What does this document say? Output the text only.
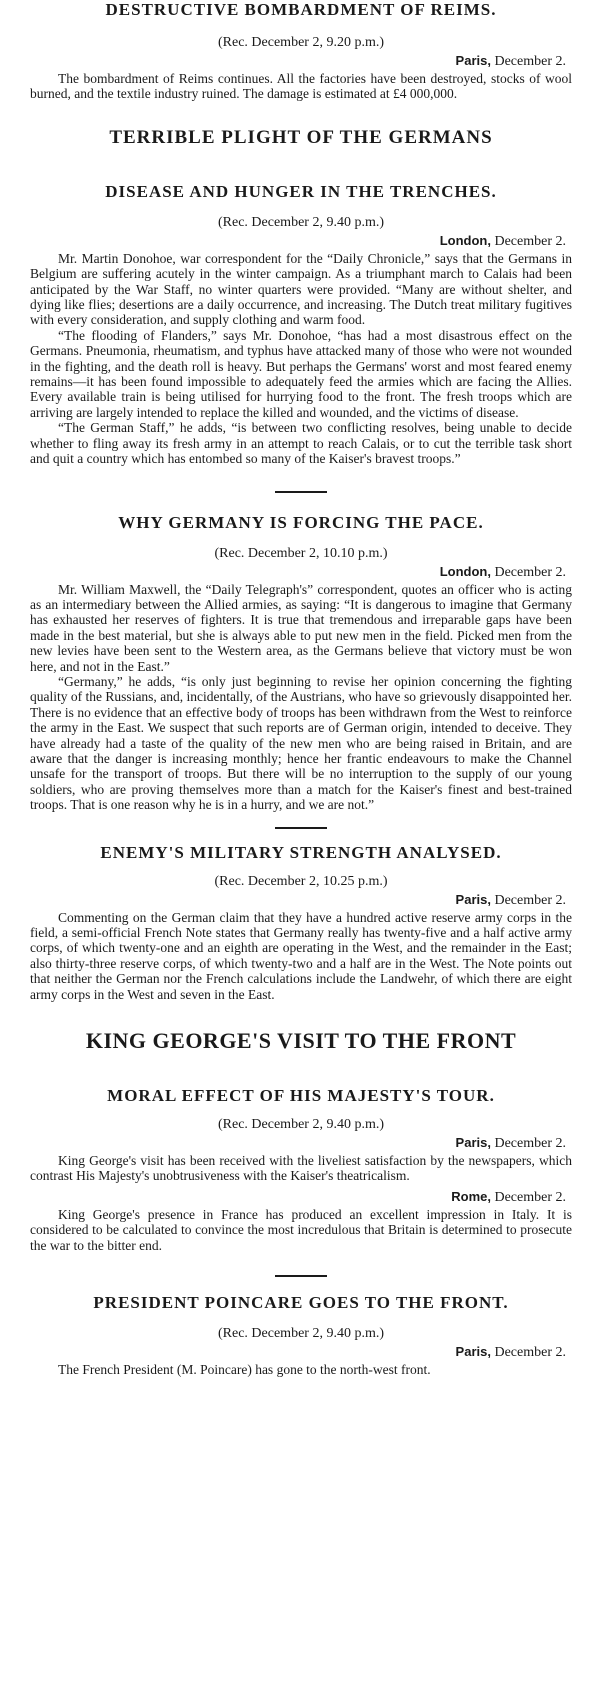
DESTRUCTIVE BOMBARDMENT OF REIMS.

(Rec. December 2, 9.20 p.m.)

Paris, December 2.

The bombardment of Reims continues. All the factories have been destroyed, stocks of wool burned, and the textile industry ruined. The damage is estimated at £4 000,000.

TERRIBLE PLIGHT OF THE GERMANS
DISEASE AND HUNGER IN THE TRENCHES.

(Rec. December 2, 9.40 p.m.)

London, December 2.

Mr. Martin Donohoe, war correspondent for the “Daily Chronicle,” says that the Germans in Belgium are suffering acutely in the winter campaign. As a triumphant march to Calais had been anticipated by the War Staff, no winter quarters were provided. “Many are without shelter, and dying like flies; desertions are a daily occurrence, and increasing. The Dutch treat military fugitives with every consideration, and supply clothing and warm food.

“The flooding of Flanders,” says Mr. Donohoe, “has had a most disastrous effect on the Germans. Pneumonia, rheumatism, and typhus have attacked many of those who were not wounded in the fighting, and the death roll is heavy. But perhaps the Germans' worst and most feared enemy remains—it has been found impossible to adequately feed the armies which are facing the Allies. Every available train is being utilised for hurrying food to the front. The fresh troops which are arriving are largely intended to replace the killed and wounded, and the victims of disease.

“The German Staff,” he adds, “is between two conflicting resolves, being unable to decide whether to fling away its fresh army in an attempt to reach Calais, or to cut the terrible task short and quit a country which has entombed so many of the Kaiser's bravest troops.”

WHY GERMANY IS FORCING THE PACE.

(Rec. December 2, 10.10 p.m.)

London, December 2.

Mr. William Maxwell, the “Daily Telegraph's” correspondent, quotes an officer who is acting as an intermediary between the Allied armies, as saying: “It is dangerous to imagine that Germany has exhausted her reserves of fighters. It is true that tremendous and irreparable gaps have been made in the best material, but she is always able to put new men in the field. Picked men from the new levies have been sent to the Western area, as the Germans believe that victory must be won here, and not in the East.”

“Germany,” he adds, “is only just beginning to revise her opinion concerning the fighting quality of the Russians, and, incidentally, of the Austrians, who have so grievously disappointed her. There is no evidence that an effective body of troops has been withdrawn from the West to reinforce the army in the East. We suspect that such reports are of German origin, intended to deceive. They have already had a taste of the quality of the new men who are being raised in Britain, and are aware that the danger is increasing monthly; hence her frantic endeavours to make the Channel unsafe for the transport of troops. But there will be no interruption to the supply of our young soldiers, who are proving themselves more than a match for the Kaiser's finest and best-trained troops. That is one reason why he is in a hurry, and we are not.”

ENEMY'S MILITARY STRENGTH ANALYSED.

(Rec. December 2, 10.25 p.m.)

Paris, December 2.

Commenting on the German claim that they have a hundred active reserve army corps in the field, a semi-official French Note states that Germany really has twenty-five and a half active army corps, of which twenty-one and an eighth are operating in the West, and the remainder in the East; also thirty-three reserve corps, of which twenty-two and a half are in the West. The Note points out that neither the German nor the French calculations include the Landwehr, of which there are eight army corps in the West and seven in the East.

KING GEORGE'S VISIT TO THE FRONT
MORAL EFFECT OF HIS MAJESTY'S TOUR.

(Rec. December 2, 9.40 p.m.)

Paris, December 2.

King George's visit has been received with the liveliest satisfaction by the newspapers, which contrast His Majesty's unobtrusiveness with the Kaiser's theatricalism.

Rome, December 2.

King George's presence in France has produced an excellent impression in Italy. It is considered to be calculated to convince the most incredulous that Britain is determined to prosecute the war to the bitter end.

PRESIDENT POINCARE GOES TO THE FRONT.

(Rec. December 2, 9.40 p.m.)

Paris, December 2.

The French President (M. Poincare) has gone to the north-west front.
